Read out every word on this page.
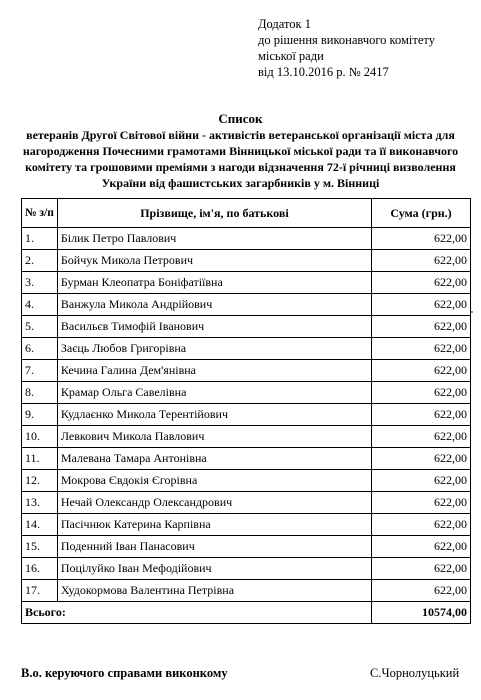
Додаток 1
до рішення виконавчого комітету
міської ради
від 13.10.2016 р. № 2417
Список
ветеранів Другої Світової війни - активістів ветеранської організації міста для
нагородження Почесними грамотами Вінницької міської ради та її виконавчого
комітету та грошовими преміями з нагоди відзначення 72-ї річниці визволення
України від фашистських загарбників у м. Вінниці
№ з/п	Прізвище, ім'я, по батькові	Сума (грн.)
1.	Білик Петро Павлович	622,00
2.	Бойчук Микола Петрович	622,00
3.	Бурман Клеопатра Боніфатіївна	622,00
4.	Ванжула Микола Андрійович	622,00
5.	Васильєв Тимофій Іванович	622,00
6.	Заєць Любов Григорівна	622,00
7.	Кечина Галина Дем'янівна	622,00
8.	Крамар Ольга Савелівна	622,00
9.	Кудлаєнко Микола Терентійович	622,00
10.	Левкович Микола Павлович	622,00
11.	Малевана Тамара Антонівна	622,00
12.	Мокрова Євдокія Єгорівна	622,00
13.	Нечай Олександр Олександрович	622,00
14.	Пасічнюк Катерина Карпівна	622,00
15.	Поденний Іван Панасович	622,00
16.	Поцілуйко Іван Мефодійович	622,00
17.	Худокормова Валентина Петрівна	622,00
Всього:		10574,00
В.о. керуючого справами виконкому	С.Чорнолуцький
